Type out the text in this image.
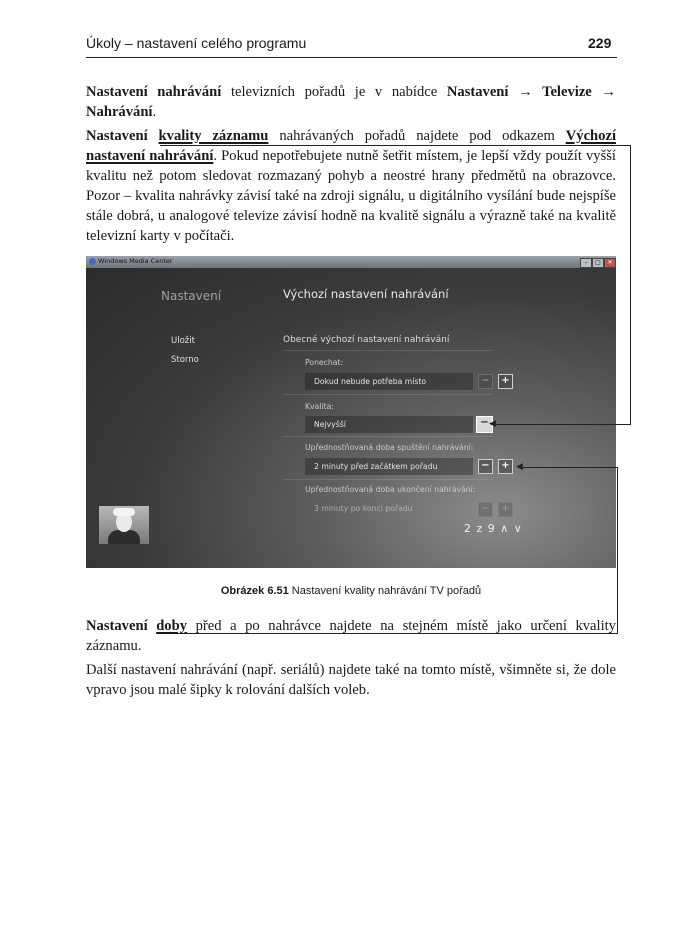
Úkoly – nastavení celého programu	229

Nastavení nahrávání televizních pořadů je v nabídce Nastavení → Televize → Nahrávání.

Nastavení kvality záznamu nahrávaných pořadů najdete pod odkazem Výchozí nastavení nahrávání. Pokud nepotřebujete nutně šetřit místem, je lepší vždy použít vyšší kvalitu než potom sledovat rozmazaný pohyb a neostré hrany předmětů na obrazovce. Pozor – kvalita nahrávky závisí také na zdroji signálu, u digitálního vysílání bude nejspíše stále dobrá, u analogové televize závisí hodně na kvalitě signálu a výrazně také na kvalitě televizní karty v počítači.

Windows Media Center	–	□	✕
Nastavení	Výchozí nastavení nahrávání
Uložit
Storno
Obecné výchozí nastavení nahrávání
Ponechat:
Dokud nebude potřeba místo	−	+
Kvalita:
Nejvyšší	−
Upřednostňovaná doba spuštění nahrávání:
2 minuty před začátkem pořadu	−	+
Upřednostňovaná doba ukončení nahrávání:
3 minuty po konci pořadu	−	+
2 z 9 ∧ ∨
◀
◀
Obrázek 6.51 Nastavení kvality nahrávání TV pořadů

Nastavení doby před a po nahrávce najdete na stejném místě jako určení kvality záznamu.

Další nastavení nahrávání (např. seriálů) najdete také na tomto místě, všimněte si, že dole vpravo jsou malé šipky k rolování dalších voleb.
